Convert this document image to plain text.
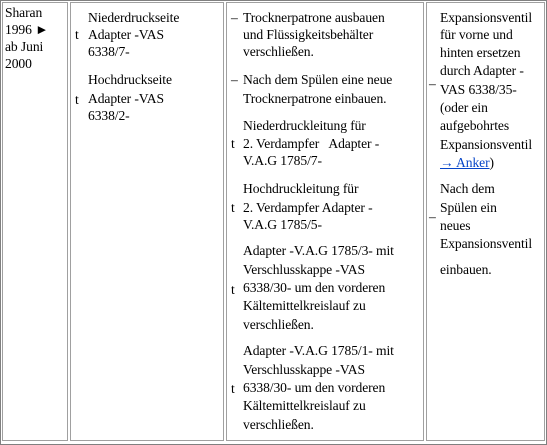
Sharan
1996 ►
ab Juni
2000
t
Niederdruckseite
Adapter -VAS
6338/7-
t
Hochdruckseite
Adapter -VAS
6338/2-
– Trocknerpatrone ausbauen
und Flüssigkeitsbehälter
verschließen.
– Nach dem Spülen eine neue
Trocknerpatrone einbauen.
t
Niederdruckleitung für
2. Verdampfer   Adapter -
V.A.G 1785/7-
t
Hochdruckleitung für
2. Verdampfer Adapter -
V.A.G 1785/5-
t
Adapter -V.A.G 1785/3- mit
Verschlusskappe -VAS
6338/30- um den vorderen
Kältemittelkreislauf zu
verschließen.
t
Adapter -V.A.G 1785/1- mit
Verschlusskappe -VAS
6338/30- um den vorderen
Kältemittelkreislauf zu
verschließen.
–
Expansionsventil
für vorne und
hinten ersetzen
durch Adapter -
VAS 6338/35-
(oder ein
aufgebohrtes
Expansionsventil
→ Anker)
–
Nach dem
Spülen ein
neues
Expansionsventil
einbauen.
